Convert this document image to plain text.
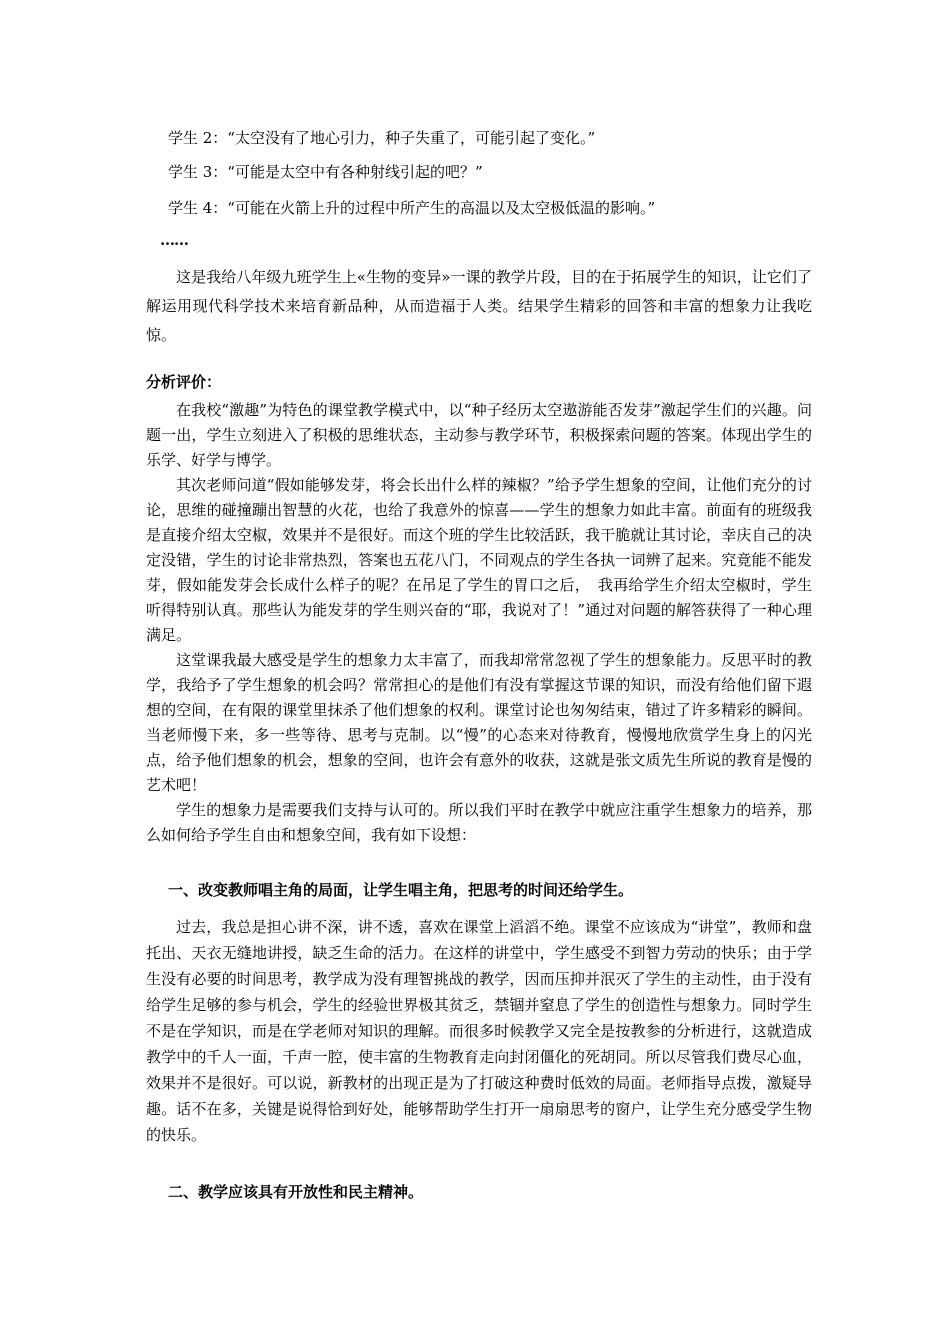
学生 2：“太空没有了地心引力，种子失重了，可能引起了变化。”
学生 3：“可能是太空中有各种射线引起的吧？”
学生 4：“可能在火箭上升的过程中所产生的高温以及太空极低温的影响。”
……
这是我给八年级九班学生上«生物的变异»一课的教学片段，目的在于拓展学生的知识，让它们了解运用现代科学技术来培育新品种，从而造福于人类。结果学生精彩的回答和丰富的想象力让我吃惊。
分析评价：

在我校“激趣”为特色的课堂教学模式中，以“种子经历太空遨游能否发芽”激起学生们的兴趣。问题一出，学生立刻进入了积极的思维状态，主动参与教学环节，积极探索问题的答案。体现出学生的乐学、好学与博学。

其次老师问道“假如能够发芽，将会长出什么样的辣椒？”给予学生想象的空间，让他们充分的讨论，思维的碰撞蹦出智慧的火花，也给了我意外的惊喜——学生的想象力如此丰富。前面有的班级我是直接介绍太空椒，效果并不是很好。而这个班的学生比较活跃，我干脆就让其讨论，幸庆自己的决定没错，学生的讨论非常热烈，答案也五花八门，不同观点的学生各执一词辨了起来。究竟能不能发芽，假如能发芽会长成什么样子的呢？在吊足了学生的胃口之后，　我再给学生介绍太空椒时，学生听得特别认真。那些认为能发芽的学生则兴奋的“耶，我说对了！”通过对问题的解答获得了一种心理满足。

这堂课我最大感受是学生的想象力太丰富了，而我却常常忽视了学生的想象能力。反思平时的教学，我给予了学生想象的机会吗？常常担心的是他们有没有掌握这节课的知识，而没有给他们留下遐想的空间，在有限的课堂里抹杀了他们想象的权利。课堂讨论也匆匆结束，错过了许多精彩的瞬间。当老师慢下来，多一些等待、思考与克制。以“慢”的心态来对待教育，慢慢地欣赏学生身上的闪光点，给予他们想象的机会，想象的空间，也许会有意外的收获，这就是张文质先生所说的教育是慢的艺术吧！

学生的想象力是需要我们支持与认可的。所以我们平时在教学中就应注重学生想象力的培养，那么如何给予学生自由和想象空间，我有如下设想：

一、改变教师唱主角的局面，让学生唱主角，把思考的时间还给学生。
过去，我总是担心讲不深，讲不透，喜欢在课堂上滔滔不绝。课堂不应该成为“讲堂”，教师和盘托出、天衣无缝地讲授，缺乏生命的活力。在这样的讲堂中，学生感受不到智力劳动的快乐；由于学生没有必要的时间思考，教学成为没有理智挑战的教学，因而压抑并泯灭了学生的主动性，由于没有给学生足够的参与机会，学生的经验世界极其贫乏，禁锢并窒息了学生的创造性与想象力。同时学生不是在学知识，而是在学老师对知识的理解。而很多时候教学又完全是按教参的分析进行，这就造成教学中的千人一面，千声一腔，使丰富的生物教育走向封闭僵化的死胡同。所以尽管我们费尽心血，效果并不是很好。可以说，新教材的出现正是为了打破这种费时低效的局面。老师指导点拨，激疑导趣。话不在多，关键是说得恰到好处，能够帮助学生打开一扇扇思考的窗户，让学生充分感受学生物的快乐。
二、教学应该具有开放性和民主精神。
